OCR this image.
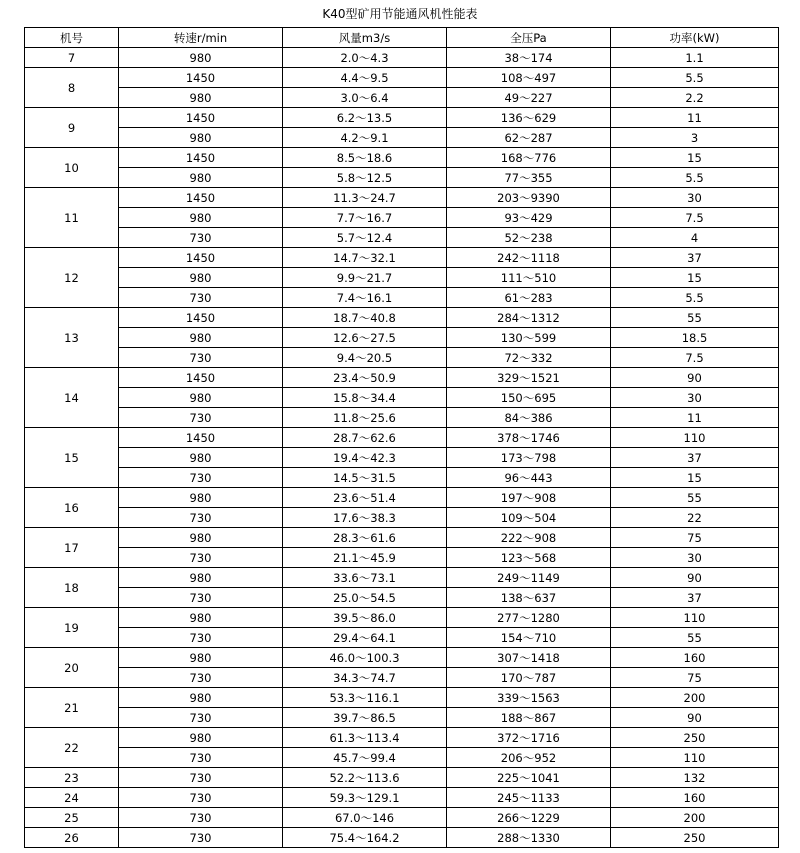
K40型矿用节能通风机性能表
机号	转速r/min	风量m3/s	全压Pa	功率(kW)
7	980	2.0～4.3	38～174	1.1
8	1450	4.4～9.5	108～497	5.5
	980	3.0～6.4	49～227	2.2
9	1450	6.2～13.5	136～629	11
	980	4.2～9.1	62～287	3
10	1450	8.5～18.6	168～776	15
	980	5.8～12.5	77～355	5.5
11	1450	11.3～24.7	203～9390	30
	980	7.7～16.7	93～429	7.5
	730	5.7～12.4	52～238	4
12	1450	14.7～32.1	242～1118	37
	980	9.9～21.7	111～510	15
	730	7.4～16.1	61～283	5.5
13	1450	18.7～40.8	284～1312	55
	980	12.6～27.5	130～599	18.5
	730	9.4～20.5	72～332	7.5
14	1450	23.4～50.9	329～1521	90
	980	15.8～34.4	150～695	30
	730	11.8～25.6	84～386	11
15	1450	28.7～62.6	378～1746	110
	980	19.4～42.3	173～798	37
	730	14.5～31.5	96～443	15
16	980	23.6～51.4	197～908	55
	730	17.6～38.3	109～504	22
17	980	28.3～61.6	222～908	75
	730	21.1～45.9	123～568	30
18	980	33.6～73.1	249～1149	90
	730	25.0～54.5	138～637	37
19	980	39.5～86.0	277～1280	110
	730	29.4～64.1	154～710	55
20	980	46.0～100.3	307～1418	160
	730	34.3～74.7	170～787	75
21	980	53.3～116.1	339～1563	200
	730	39.7～86.5	188～867	90
22	980	61.3～113.4	372～1716	250
	730	45.7～99.4	206～952	110
23	730	52.2～113.6	225～1041	132
24	730	59.3～129.1	245～1133	160
25	730	67.0～146	266～1229	200
26	730	75.4～164.2	288～1330	250
